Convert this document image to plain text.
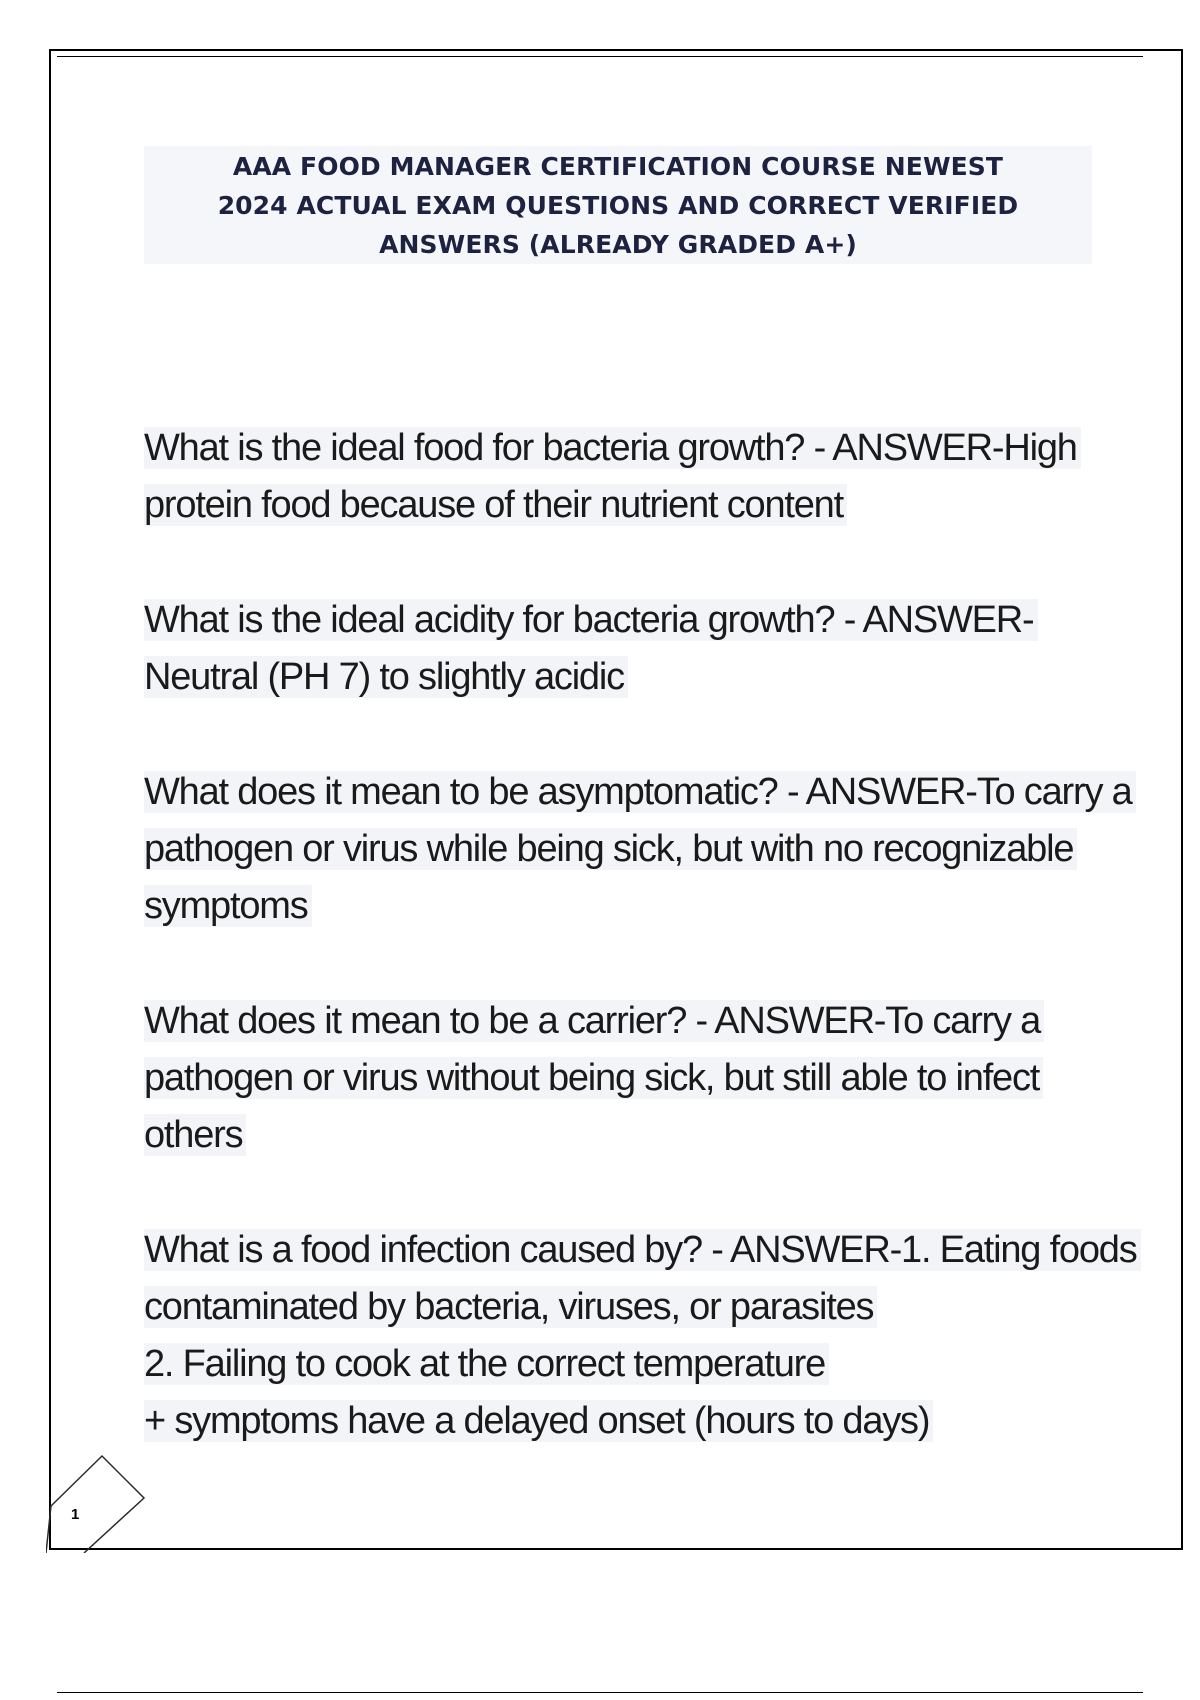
AAA FOOD MANAGER CERTIFICATION COURSE NEWEST
2024 ACTUAL EXAM QUESTIONS AND CORRECT VERIFIED
ANSWERS (ALREADY GRADED A+)
What is the ideal food for bacteria growth? - ANSWER-High
protein food because of their nutrient content
What is the ideal acidity for bacteria growth? - ANSWER-
Neutral (PH 7) to slightly acidic
What does it mean to be asymptomatic? - ANSWER-To carry a
pathogen or virus while being sick, but with no recognizable
symptoms
What does it mean to be a carrier? - ANSWER-To carry a
pathogen or virus without being sick, but still able to infect
others
What is a food infection caused by? - ANSWER-1. Eating foods
contaminated by bacteria, viruses, or parasites
2. Failing to cook at the correct temperature
+ symptoms have a delayed onset (hours to days)
1
